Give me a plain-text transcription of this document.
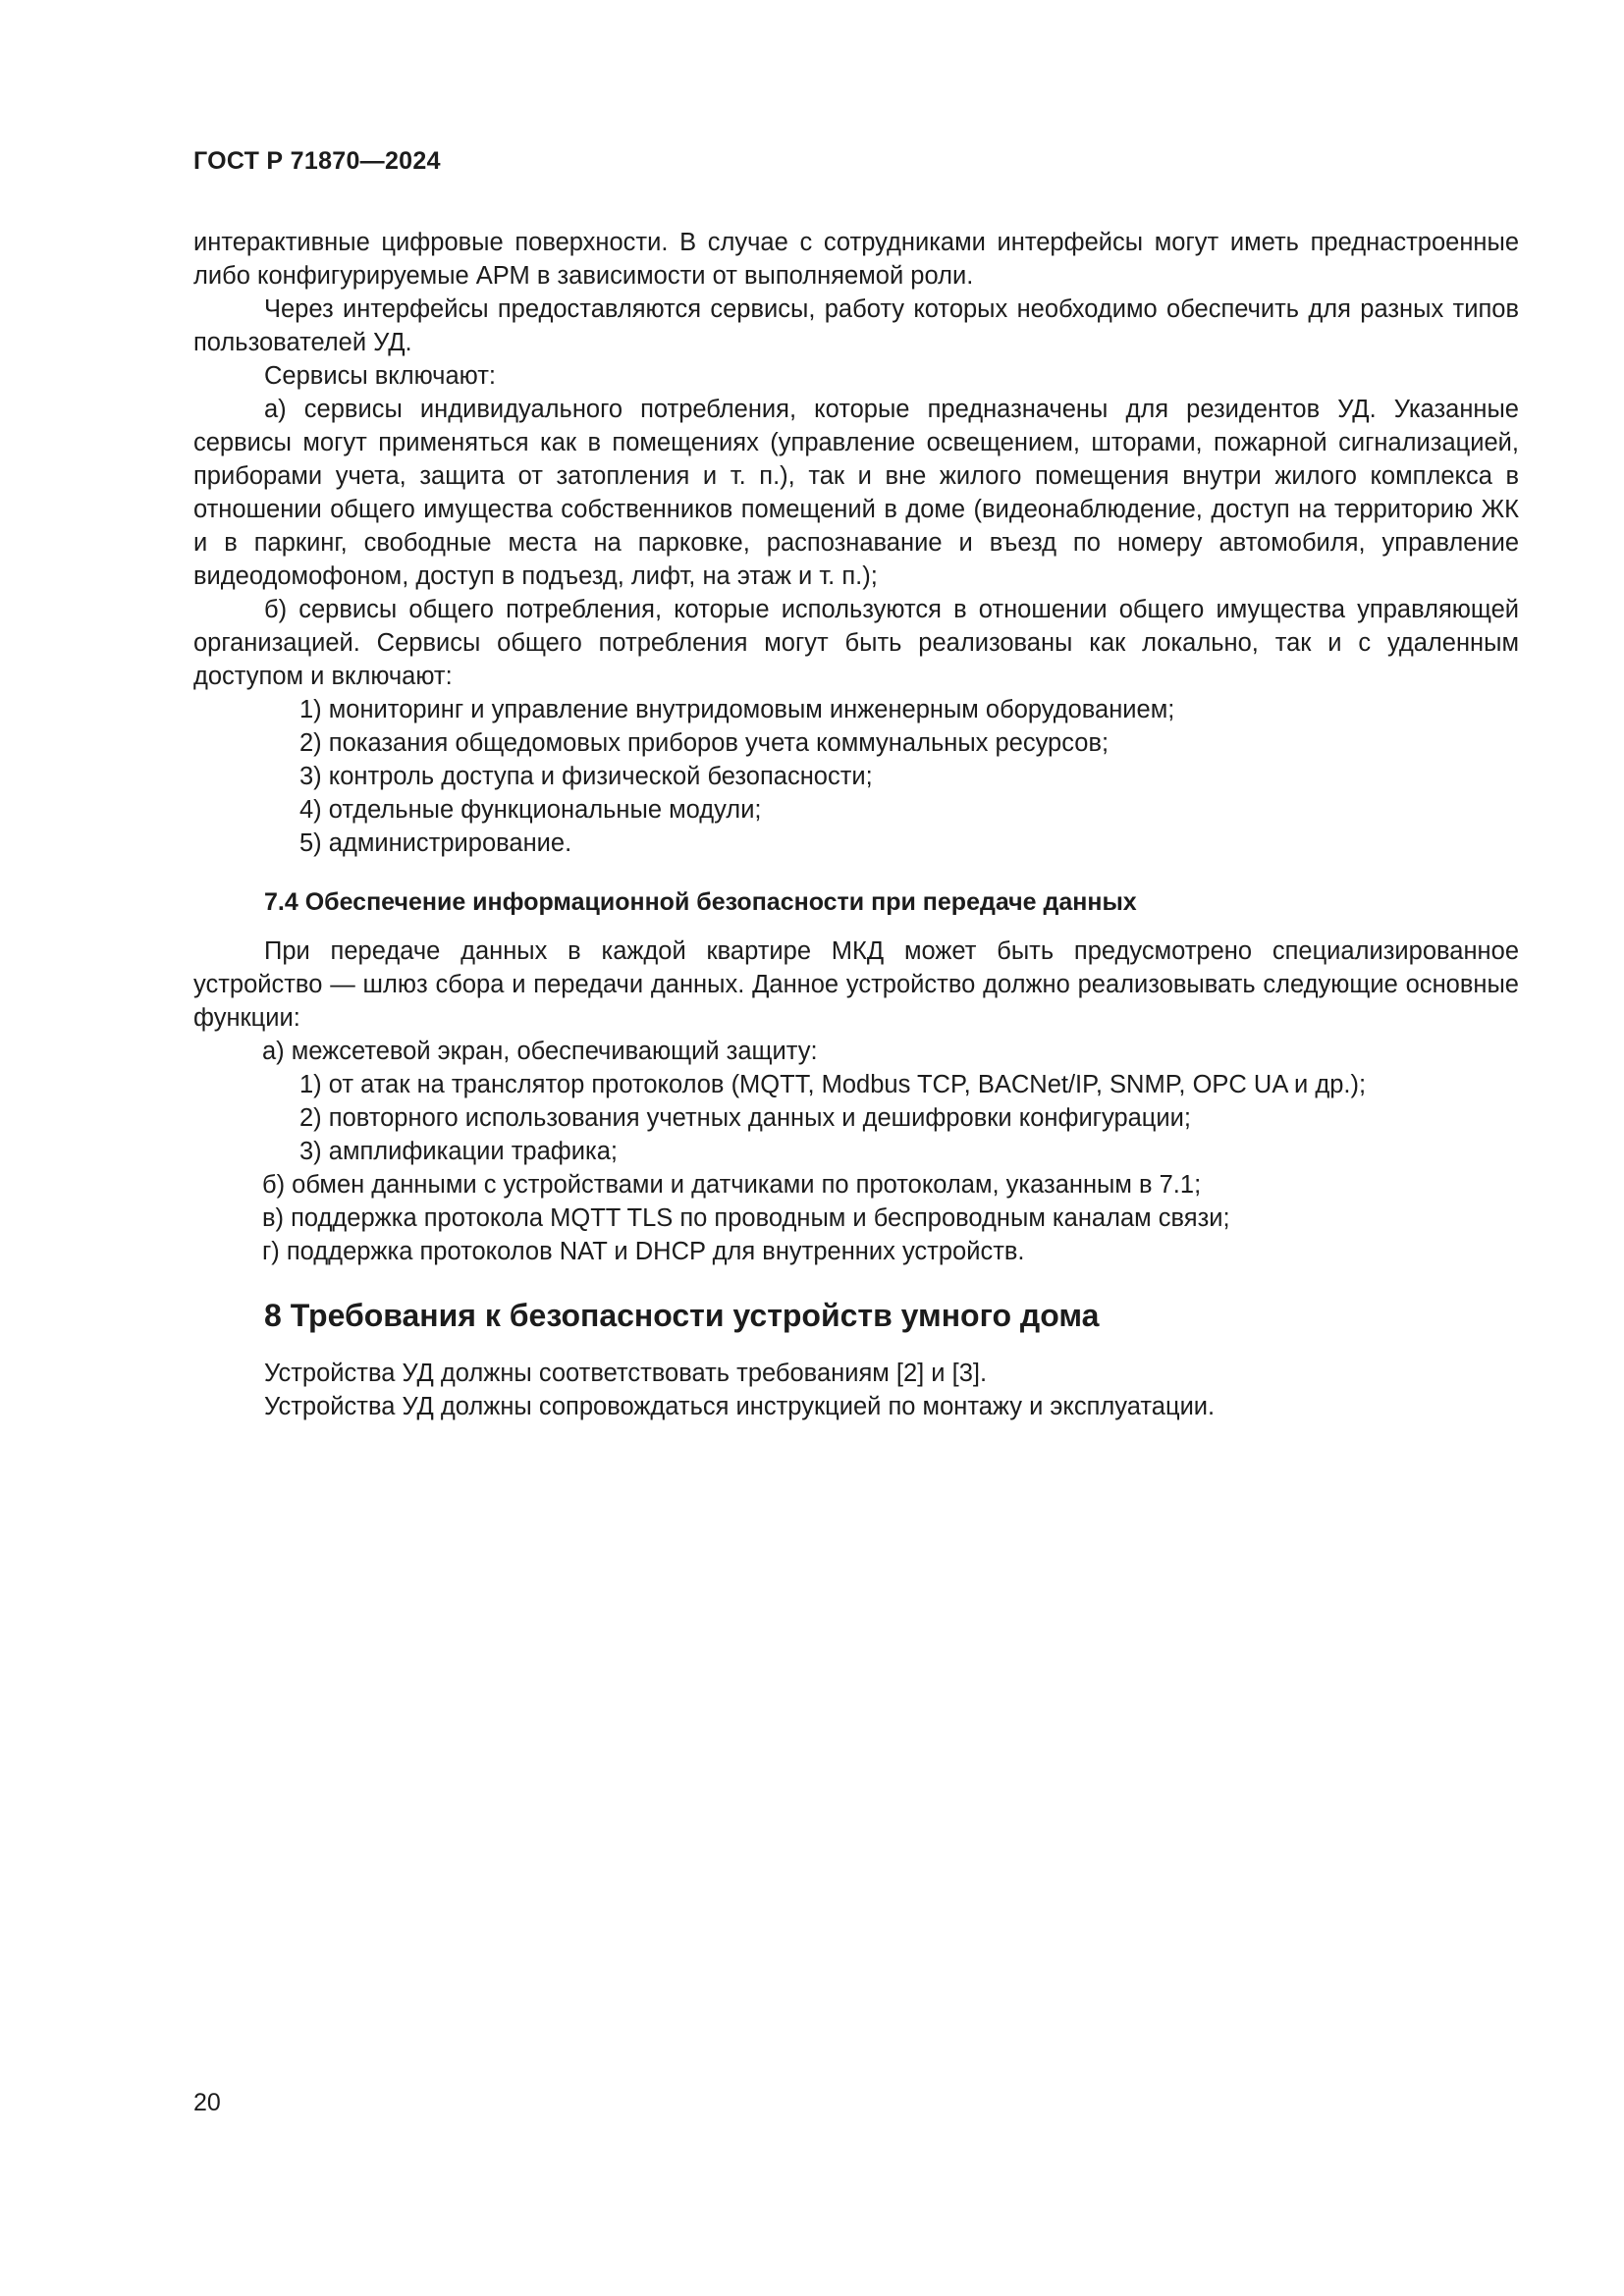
ГОСТ Р 71870—2024

интерактивные цифровые поверхности. В случае с сотрудниками интерфейсы могут иметь преднастроенные либо конфигурируемые АРМ в зависимости от выполняемой роли.

Через интерфейсы предоставляются сервисы, работу которых необходимо обеспечить для разных типов пользователей УД.

Сервисы включают:

а) сервисы индивидуального потребления, которые предназначены для резидентов УД. Указанные сервисы могут применяться как в помещениях (управление освещением, шторами, пожарной сигнализацией, приборами учета, защита от затопления и т. п.), так и вне жилого помещения внутри жилого комплекса в отношении общего имущества собственников помещений в доме (видеонаблюдение, доступ на территорию ЖК и в паркинг, свободные места на парковке, распознавание и въезд по номеру автомобиля, управление видеодомофоном, доступ в подъезд, лифт, на этаж и т. п.);

б) сервисы общего потребления, которые используются в отношении общего имущества управляющей организацией. Сервисы общего потребления могут быть реализованы как локально, так и с удаленным доступом и включают:

1) мониторинг и управление внутридомовым инженерным оборудованием;

2) показания общедомовых приборов учета коммунальных ресурсов;

3) контроль доступа и физической безопасности;

4) отдельные функциональные модули;

5) администрирование.

7.4 Обеспечение информационной безопасности при передаче данных

При передаче данных в каждой квартире МКД может быть предусмотрено специализированное устройство — шлюз сбора и передачи данных. Данное устройство должно реализовывать следующие основные функции:

а) межсетевой экран, обеспечивающий защиту:

1) от атак на транслятор протоколов (MQTT, Modbus TCP, BACNet/IP, SNMP, OPC UA и др.);

2) повторного использования учетных данных и дешифровки конфигурации;

3) амплификации трафика;

б) обмен данными с устройствами и датчиками по протоколам, указанным в 7.1;

в) поддержка протокола MQTT TLS по проводным и беспроводным каналам связи;

г) поддержка протоколов NAT и DHCP для внутренних устройств.

8 Требования к безопасности устройств умного дома

Устройства УД должны соответствовать требованиям [2] и [3].

Устройства УД должны сопровождаться инструкцией по монтажу и эксплуатации.

20
